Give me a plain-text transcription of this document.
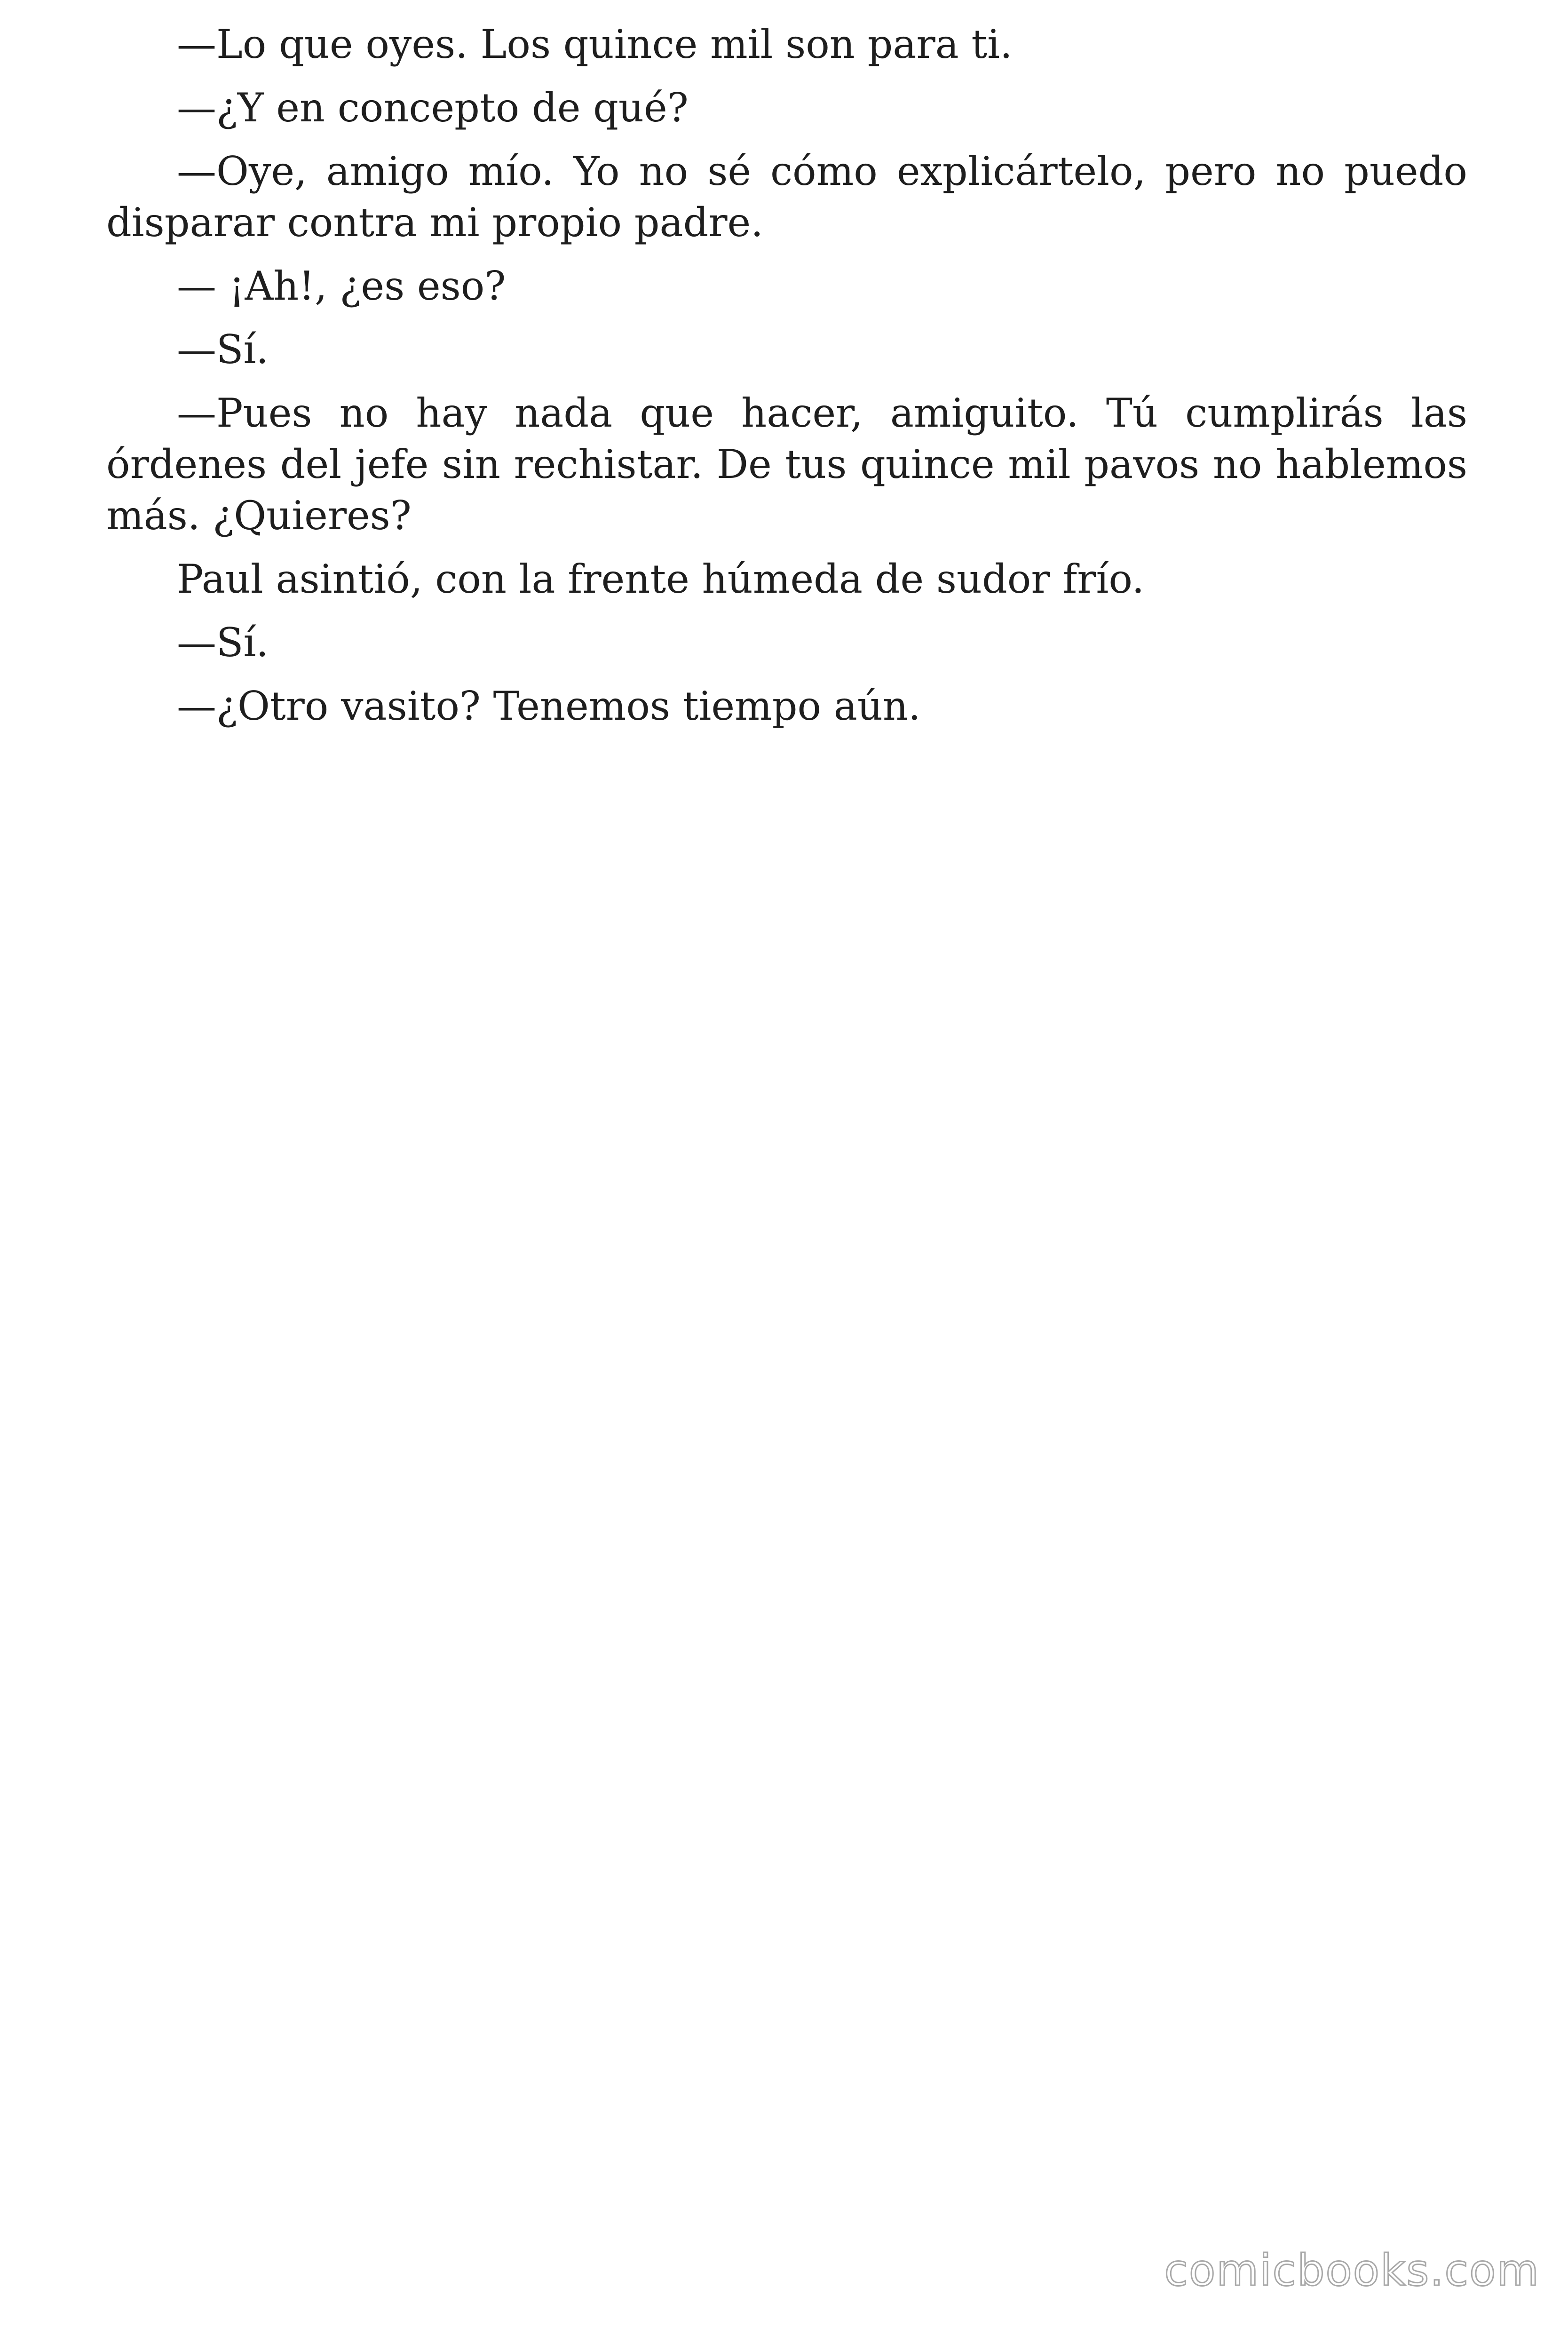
—Lo que oyes. Los quince mil son para ti.

—¿Y en concepto de qué?

—Oye, amigo mío. Yo no sé cómo explicártelo, pero no puedo disparar contra mi propio padre.

— ¡Ah!, ¿es eso?

—Sí.

—Pues no hay nada que hacer, amiguito. Tú cumplirás las órdenes del jefe sin rechistar. De tus quince mil pavos no hablemos más. ¿Quieres?

Paul asintió, con la frente húmeda de sudor frío.

—Sí.

—¿Otro vasito? Tenemos tiempo aún.

comicbooks.com
